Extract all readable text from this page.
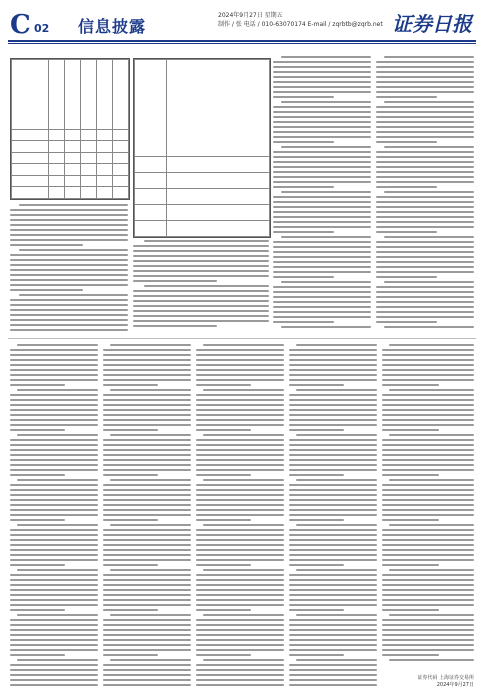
C 02 信息披露
2024年9月27日 星期五
制作 / 张 电话 / 010-63070174 E-mail / zqrbtb@zqrb.net 证券日报

证券代码 上海证券交易所
2024年9月27日
